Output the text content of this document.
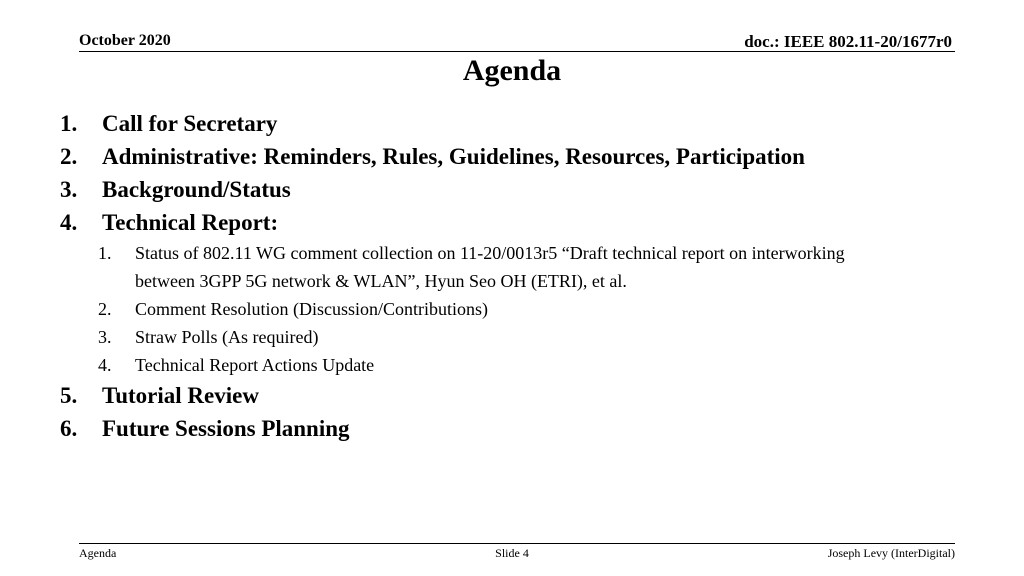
October 2020	doc.: IEEE 802.11-20/1677r0
Agenda
1.	Call for Secretary
2.	Administrative: Reminders, Rules, Guidelines, Resources, Participation
3.	Background/Status
4.	Technical Report:
1.	Status of 802.11 WG comment collection on 11-20/0013r5 “Draft technical report on interworking between 3GPP 5G network & WLAN”, Hyun Seo OH (ETRI), et al.
2.	Comment Resolution (Discussion/Contributions)
3.	Straw Polls (As required)
4.	Technical Report Actions Update
5.	Tutorial Review
6.	Future Sessions Planning
Agenda	Slide 4	Joseph Levy (InterDigital)
